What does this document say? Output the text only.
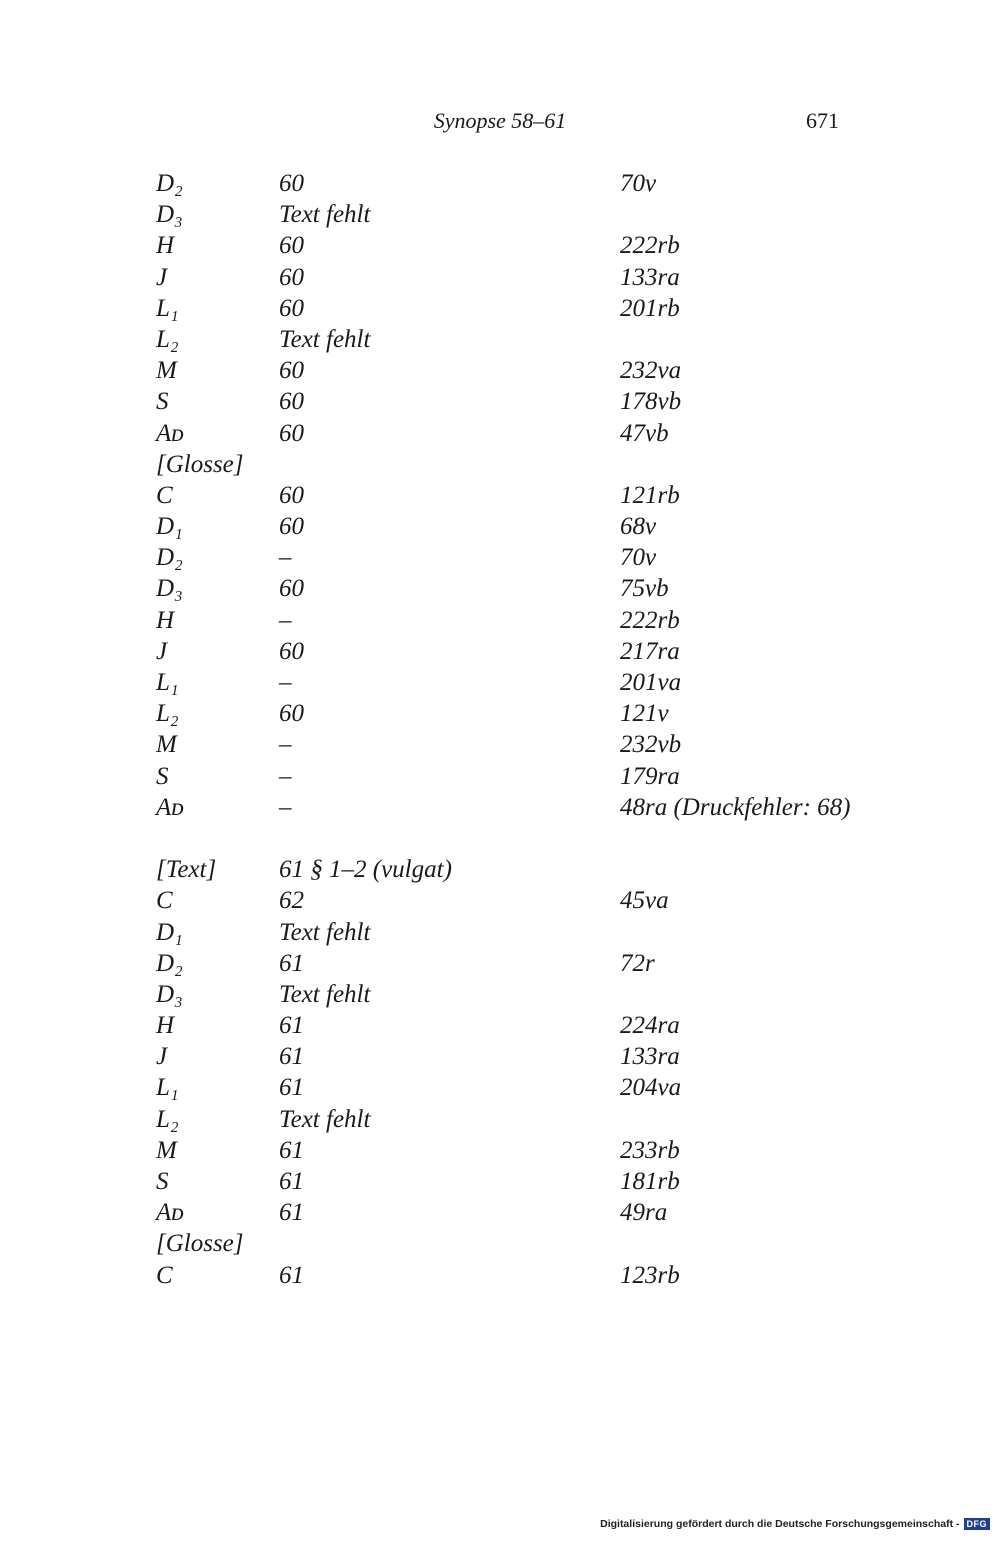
Synopse 58–61	671
D₂	60	70v
D₃	Text fehlt
H	60	222rb
J	60	133ra
L₁	60	201rb
L₂	Text fehlt
M	60	232va
S	60	178vb
Aᴅ	60	47vb
[Glosse]
C	60	121rb
D₁	60	68v
D₂	–	70v
D₃	60	75vb
H	–	222rb
J	60	217ra
L₁	–	201va
L₂	60	121v
M	–	232vb
S	–	179ra
Aᴅ	–	48ra (Druckfehler: 68)
[Text]	61 § 1–2 (vulgat)
C	62	45va
D₁	Text fehlt
D₂	61	72r
D₃	Text fehlt
H	61	224ra
J	61	133ra
L₁	61	204va
L₂	Text fehlt
M	61	233rb
S	61	181rb
Aᴅ	61	49ra
[Glosse]
C	61	123rb
Digitalisierung gefördert durch die Deutsche Forschungsgemeinschaft - DFG
